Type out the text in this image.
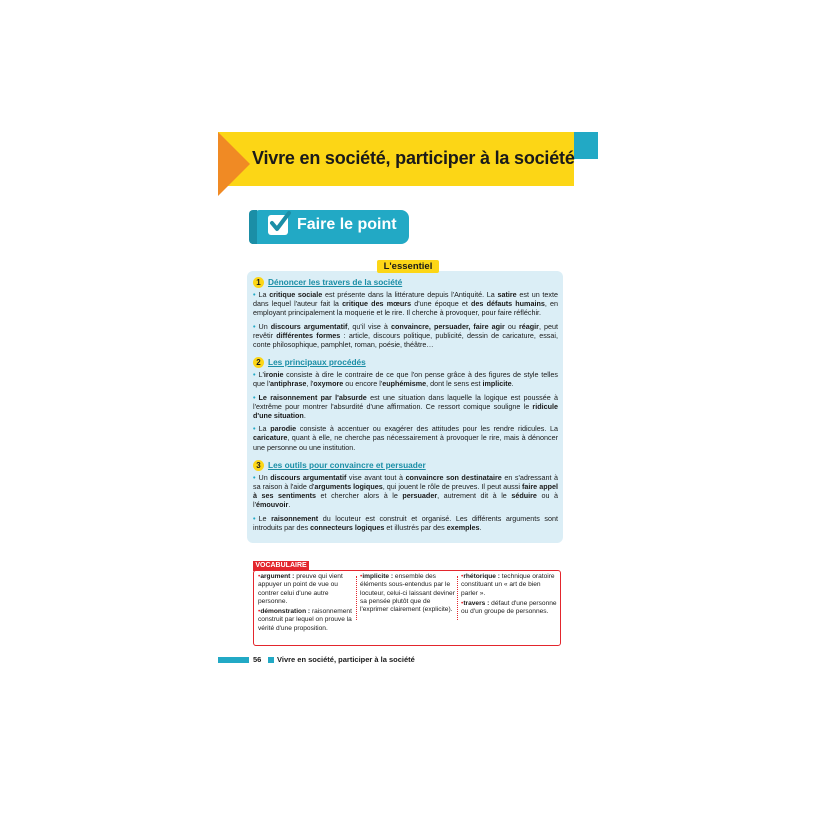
Vivre en société, participer à la société
Faire le point
L'essentiel
1 Dénoncer les travers de la société
• La critique sociale est présente dans la littérature depuis l'Antiquité. La satire est un texte dans lequel l'auteur fait la critique des mœurs d'une époque et des défauts humains, en employant principalement la moquerie et le rire. Il cherche à provoquer, pour faire réfléchir.
• Un discours argumentatif, qu'il vise à convaincre, persuader, faire agir ou réagir, peut revêtir différentes formes : article, discours politique, publicité, dessin de caricature, essai, conte philosophique, pamphlet, roman, poésie, théâtre…
2 Les principaux procédés
• L'ironie consiste à dire le contraire de ce que l'on pense grâce à des figures de style telles que l'antiphrase, l'oxymore ou encore l'euphémisme, dont le sens est implicite.
• Le raisonnement par l'absurde est une situation dans laquelle la logique est poussée à l'extrême pour montrer l'absurdité d'une affirmation. Ce ressort comique souligne le ridicule d'une situation.
• La parodie consiste à accentuer ou exagérer des attitudes pour les rendre ridicules. La caricature, quant à elle, ne cherche pas nécessairement à provoquer le rire, mais à dénoncer une personne ou une institution.
3 Les outils pour convaincre et persuader
• Un discours argumentatif vise avant tout à convaincre son destinataire en s'adressant à sa raison à l'aide d'arguments logiques, qui jouent le rôle de preuves. Il peut aussi faire appel à ses sentiments et chercher alors à le persuader, autrement dit à le séduire ou à l'émouvoir.
• Le raisonnement du locuteur est construit et organisé. Les différents arguments sont introduits par des connecteurs logiques et illustrés par des exemples.
VOCABULAIRE
•argument : preuve qui vient appuyer un point de vue ou contrer celui d'une autre personne.
•démonstration : raisonnement construit par lequel on prouve la vérité d'une proposition.
•implicite : ensemble des éléments sous-entendus par le locuteur, celui-ci laissant deviner sa pensée plutôt que de l'exprimer clairement (explicite).
•rhétorique : technique oratoire constituant un « art de bien parler ».
•travers : défaut d'une personne ou d'un groupe de personnes.
56 Vivre en société, participer à la société
